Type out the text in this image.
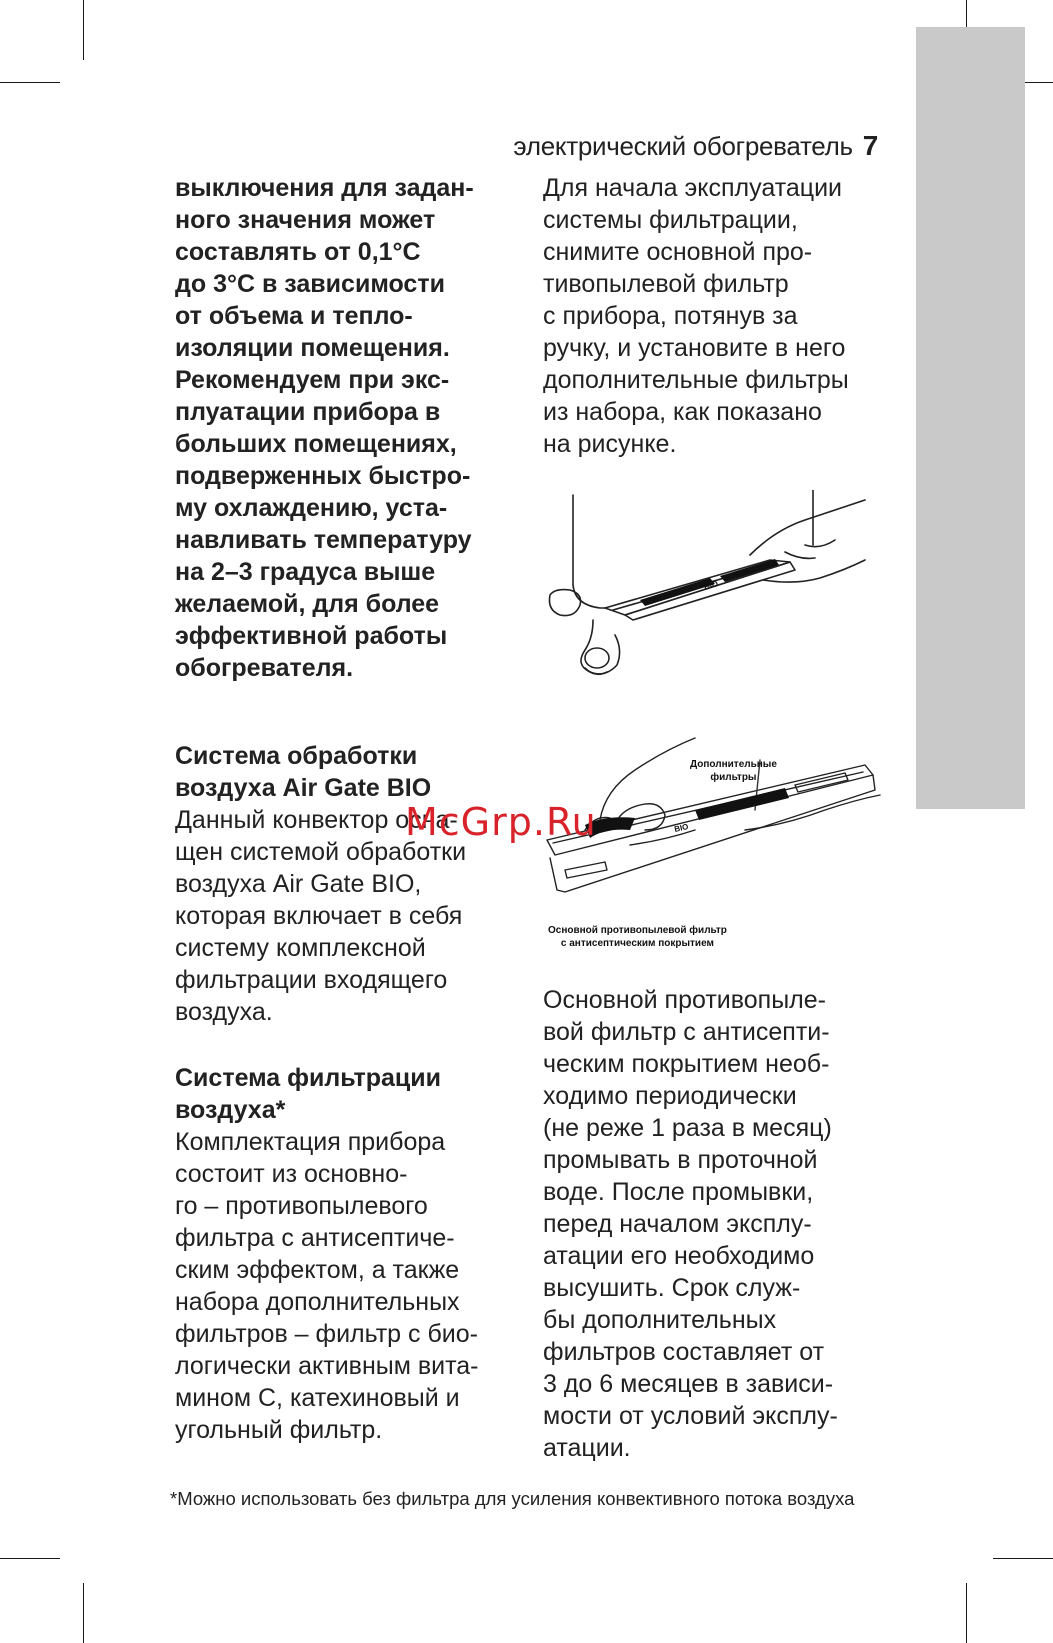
электрический обогреватель 7
выключения для задан-
ного значения может
составлять от 0,1°С
до 3°С в зависимости
от объема и тепло-
изоляции помещения.
Рекомендуем при экс-
плуатации прибора в
больших помещениях,
подверженных быстро-
му охлаждению, уста-
навливать температуру
на 2–3 градуса выше
желаемой, для более
эффективной работы
обогревателя.
Система обработки
воздуха Air Gate BIO
Данный конвектор осна-
щен системой обработки
воздуха Air Gate BIO,
которая включает в себя
систему комплексной
фильтрации входящего
воздуха.
Система фильтрации
воздуха*
Комплектация прибора
состоит из основно-
го – противопылевого
фильтра с антисептиче-
ским эффектом, а также
набора дополнительных
фильтров – фильтр с био-
логически активным вита-
мином С, катехиновый и
угольный фильтр.
Для начала эксплуатации
системы фильтрации,
снимите основной про-
тивопылевой фильтр
с прибора, потянув за
ручку, и установите в него
дополнительные фильтры
из набора, как показано
на рисунке.
BIO
BIO
Дополнительные
фильтры
Основной противопылевой фильтр
с антисептическим покрытием
Основной противопыле-
вой фильтр с антисепти-
ческим покрытием необ-
ходимо периодически
(не реже 1 раза в месяц)
промывать в проточной
воде. После промывки,
перед началом эксплу-
атации его необходимо
высушить. Срок служ-
бы дополнительных
фильтров составляет от
3 до 6 месяцев в зависи-
мости от условий эксплу-
атации.
McGrp.Ru
*Можно использовать без фильтра для усиления конвективного потока воздуха
